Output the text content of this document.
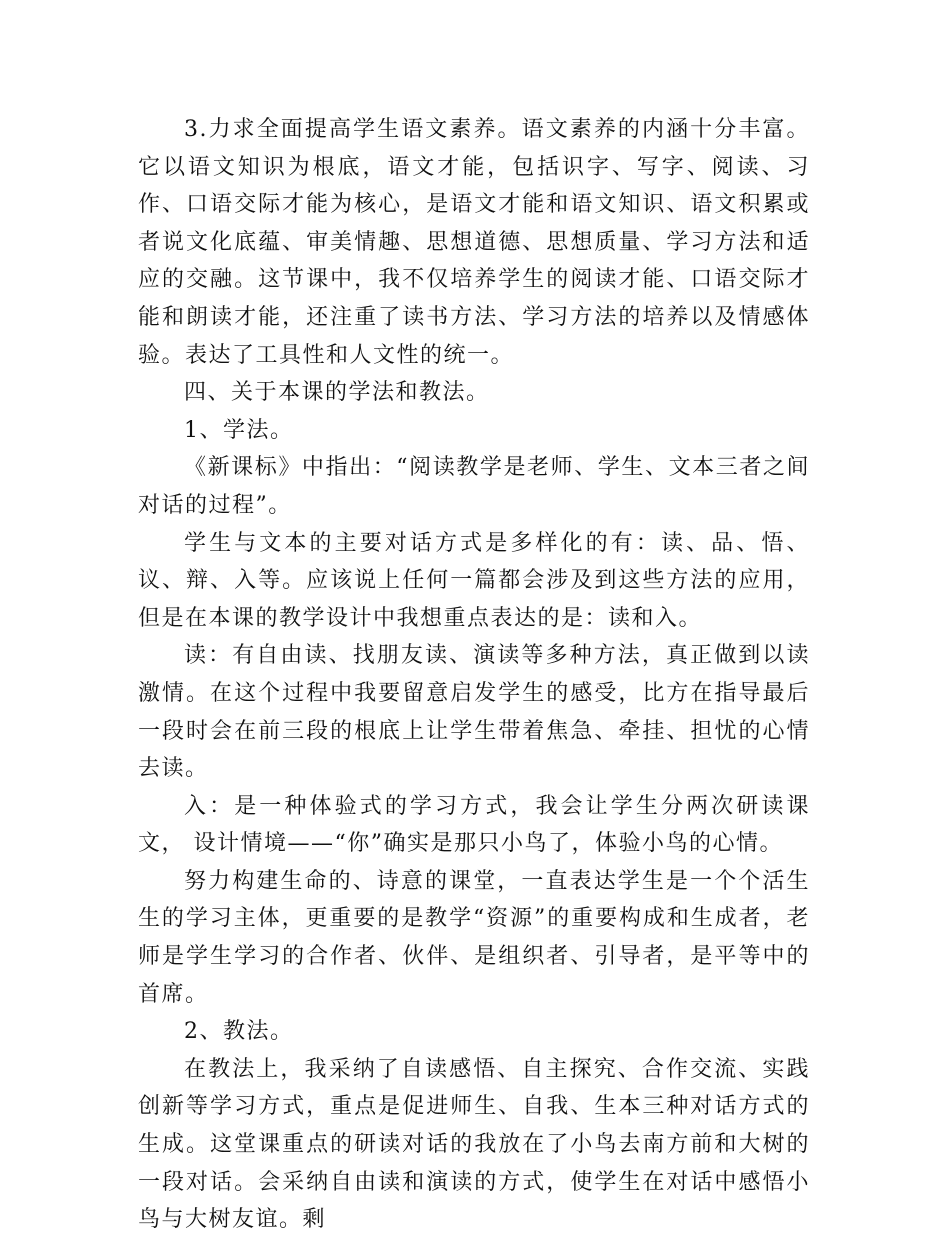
3.力求全面提高学生语文素养。语文素养的内涵十分丰富。它以语文知识为根底，语文才能，包括识字、写字、阅读、习作、口语交际才能为核心，是语文才能和语文知识、语文积累或者说文化底蕴、审美情趣、思想道德、思想质量、学习方法和适应的交融。这节课中，我不仅培养学生的阅读才能、口语交际才能和朗读才能，还注重了读书方法、学习方法的培养以及情感体验。表达了工具性和人文性的统一。

四、关于本课的学法和教法。

1、学法。

《新课标》中指出：“阅读教学是老师、学生、文本三者之间对话的过程”。

学生与文本的主要对话方式是多样化的有：读、品、悟、议、辩、入等。应该说上任何一篇都会涉及到这些方法的应用，但是在本课的教学设计中我想重点表达的是：读和入。

读：有自由读、找朋友读、演读等多种方法，真正做到以读激情。在这个过程中我要留意启发学生的感受，比方在指导最后一段时会在前三段的根底上让学生带着焦急、牵挂、担忧的心情去读。

入：是一种体验式的学习方式，我会让学生分两次研读课文， 设计情境——“你”确实是那只小鸟了，体验小鸟的心情。

努力构建生命的、诗意的课堂，一直表达学生是一个个活生生的学习主体，更重要的是教学“资源”的重要构成和生成者，老师是学生学习的合作者、伙伴、是组织者、引导者，是平等中的首席。

2、教法。

在教法上，我采纳了自读感悟、自主探究、合作交流、实践创新等学习方式，重点是促进师生、自我、生本三种对话方式的生成。这堂课重点的研读对话的我放在了小鸟去南方前和大树的一段对话。会采纳自由读和演读的方式，使学生在对话中感悟小鸟与大树友谊。剩
